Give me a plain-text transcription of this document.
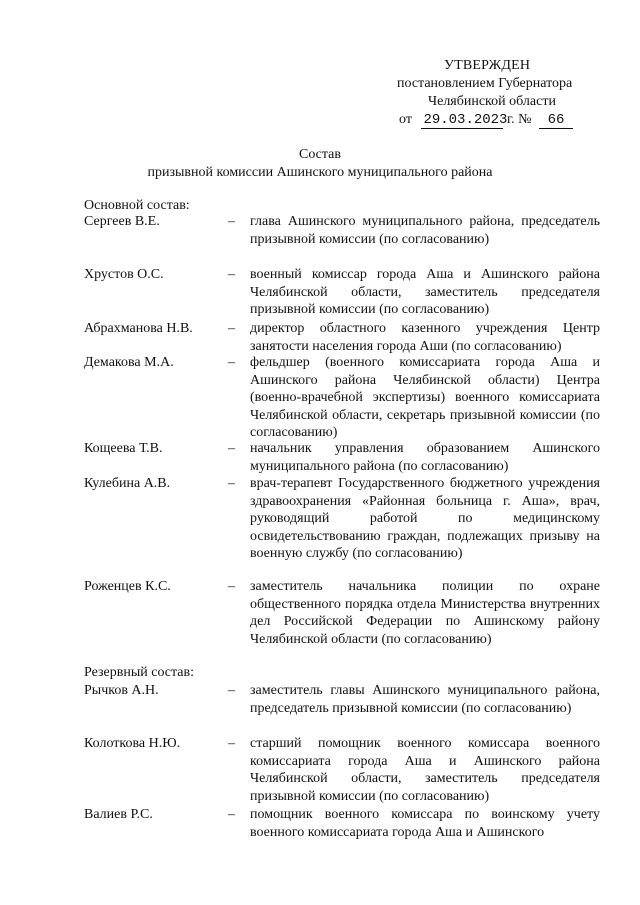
УТВЕРЖДЕН
постановлением Губернатора
Челябинской области
от 29.03.2023 г. № 66
Состав
призывной комиссии Ашинского муниципального района
Основной состав:
Сергеев В.Е.	– глава Ашинского муниципального района, председатель призывной комиссии (по согласованию)
Хрустов О.С.	– военный комиссар города Аша и Ашинского района Челябинской области, заместитель председателя призывной комиссии (по согласованию)
Абрахманова Н.В.	– директор областного казенного учреждения Центр занятости населения города Аши (по согласованию)
Демакова М.А.	– фельдшер (военного комиссариата города Аша и Ашинского района Челябинской области) Центра (военно-врачебной экспертизы) военного комиссариата Челябинской области, секретарь призывной комиссии (по согласованию)
Кощеева Т.В.	– начальник управления образованием Ашинского муниципального района (по согласованию)
Кулебина А.В.	– врач-терапевт Государственного бюджетного учреждения здравоохранения «Районная больница г. Аша», врач, руководящий работой по медицинскому освидетельствованию граждан, подлежащих призыву на военную службу (по согласованию)
Роженцев К.С.	– заместитель начальника полиции по охране общественного порядка отдела Министерства внутренних дел Российской Федерации по Ашинскому району Челябинской области (по согласованию)
Резервный состав:
Рычков А.Н.	– заместитель главы Ашинского муниципального района, председатель призывной комиссии (по согласованию)
Колоткова Н.Ю.	– старший помощник военного комиссара военного комиссариата города Аша и Ашинского района Челябинской области, заместитель председателя призывной комиссии (по согласованию)
Валиев Р.С.	– помощник военного комиссара по воинскому учету военного комиссариата города Аша и Ашинского
